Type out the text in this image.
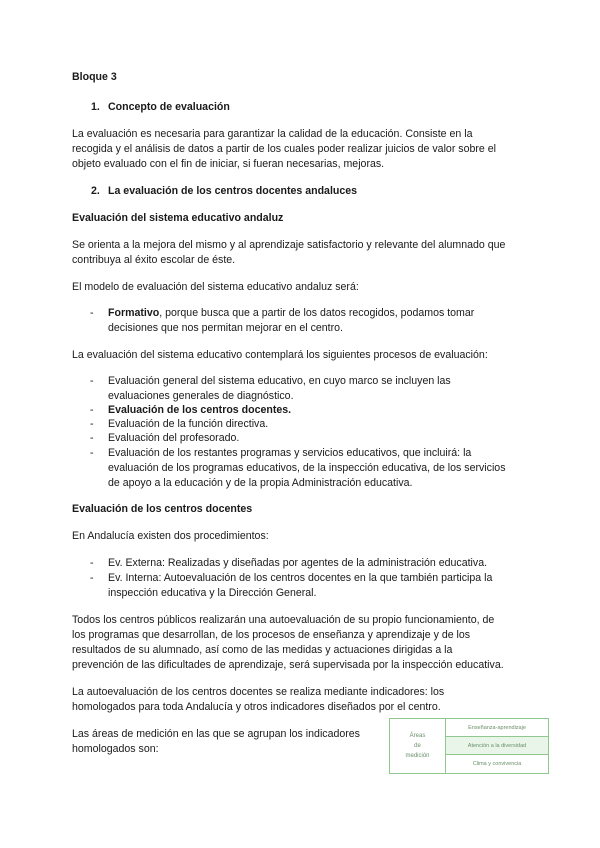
Bloque 3
1. Concepto de evaluación
La evaluación es necesaria para garantizar la calidad de la educación. Consiste en la
recogida y el análisis de datos a partir de los cuales poder realizar juicios de valor sobre el
objeto evaluado con el fin de iniciar, si fueran necesarias, mejoras.
2. La evaluación de los centros docentes andaluces
Evaluación del sistema educativo andaluz
Se orienta a la mejora del mismo y al aprendizaje satisfactorio y relevante del alumnado que
contribuya al éxito escolar de éste.
El modelo de evaluación del sistema educativo andaluz será:
- Formativo, porque busca que a partir de los datos recogidos, podamos tomar
decisiones que nos permitan mejorar en el centro.
La evaluación del sistema educativo contemplará los siguientes procesos de evaluación:
- Evaluación general del sistema educativo, en cuyo marco se incluyen las
evaluaciones generales de diagnóstico.
- Evaluación de los centros docentes.
- Evaluación de la función directiva.
- Evaluación del profesorado.
- Evaluación de los restantes programas y servicios educativos, que incluirá: la
evaluación de los programas educativos, de la inspección educativa, de los servicios
de apoyo a la educación y de la propia Administración educativa.
Evaluación de los centros docentes
En Andalucía existen dos procedimientos:
- Ev. Externa: Realizadas y diseñadas por agentes de la administración educativa.
- Ev. Interna: Autoevaluación de los centros docentes en la que también participa la
inspección educativa y la Dirección General.
Todos los centros públicos realizarán una autoevaluación de su propio funcionamiento, de
los programas que desarrollan, de los procesos de enseñanza y aprendizaje y de los
resultados de su alumnado, así como de las medidas y actuaciones dirigidas a la
prevención de las dificultades de aprendizaje, será supervisada por la inspección educativa.
La autoevaluación de los centros docentes se realiza mediante indicadores: los
homologados para toda Andalucía y otros indicadores diseñados por el centro.
Las áreas de medición en las que se agrupan los indicadores
homologados son:
Áreas
de
medición
Enseñanza-aprendizaje
Atención a la diversidad
Clima y convivencia
